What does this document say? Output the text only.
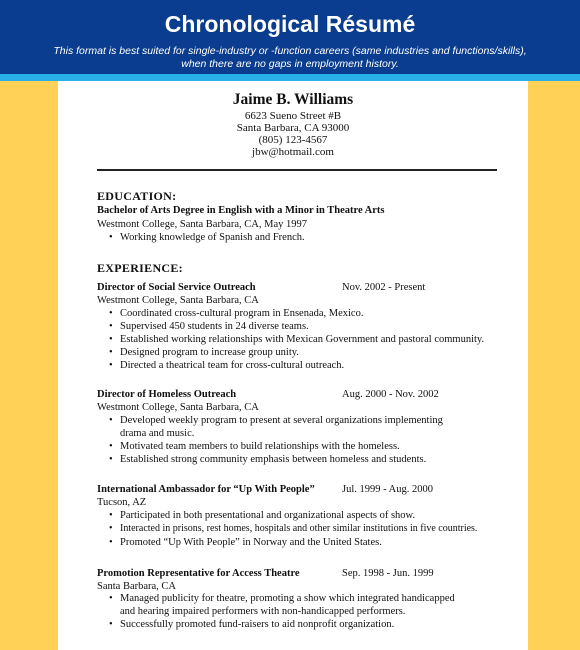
Chronological Résumé
This format is best suited for single-industry or -function careers (same industries and functions/skills),
when there are no gaps in employment history.
Jaime B. Williams
6623 Sueno Street #B
Santa Barbara, CA 93000
(805) 123-4567
jbw@hotmail.com
EDUCATION:
Bachelor of Arts Degree in English with a Minor in Theatre Arts
Westmont College, Santa Barbara, CA, May 1997
• Working knowledge of Spanish and French.
EXPERIENCE:
Director of Social Service Outreach	Nov. 2002 - Present
Westmont College, Santa Barbara, CA
• Coordinated cross-cultural program in Ensenada, Mexico.
• Supervised 450 students in 24 diverse teams.
• Established working relationships with Mexican Government and pastoral community.
• Designed program to increase group unity.
• Directed a theatrical team for cross-cultural outreach.
Director of Homeless Outreach	Aug. 2000 - Nov. 2002
Westmont College, Santa Barbara, CA
• Developed weekly program to present at several organizations implementing
drama and music.
• Motivated team members to build relationships with the homeless.
• Established strong community emphasis between homeless and students.
International Ambassador for “Up With People”	Jul. 1999 - Aug. 2000
Tucson, AZ
• Participated in both presentational and organizational aspects of show.
• Interacted in prisons, rest homes, hospitals and other similar institutions in five countries.
• Promoted “Up With People” in Norway and the United States.
Promotion Representative for Access Theatre	Sep. 1998 - Jun. 1999
Santa Barbara, CA
• Managed publicity for theatre, promoting a show which integrated handicapped
and hearing impaired performers with non-handicapped performers.
• Successfully promoted fund-raisers to aid nonprofit organization.
